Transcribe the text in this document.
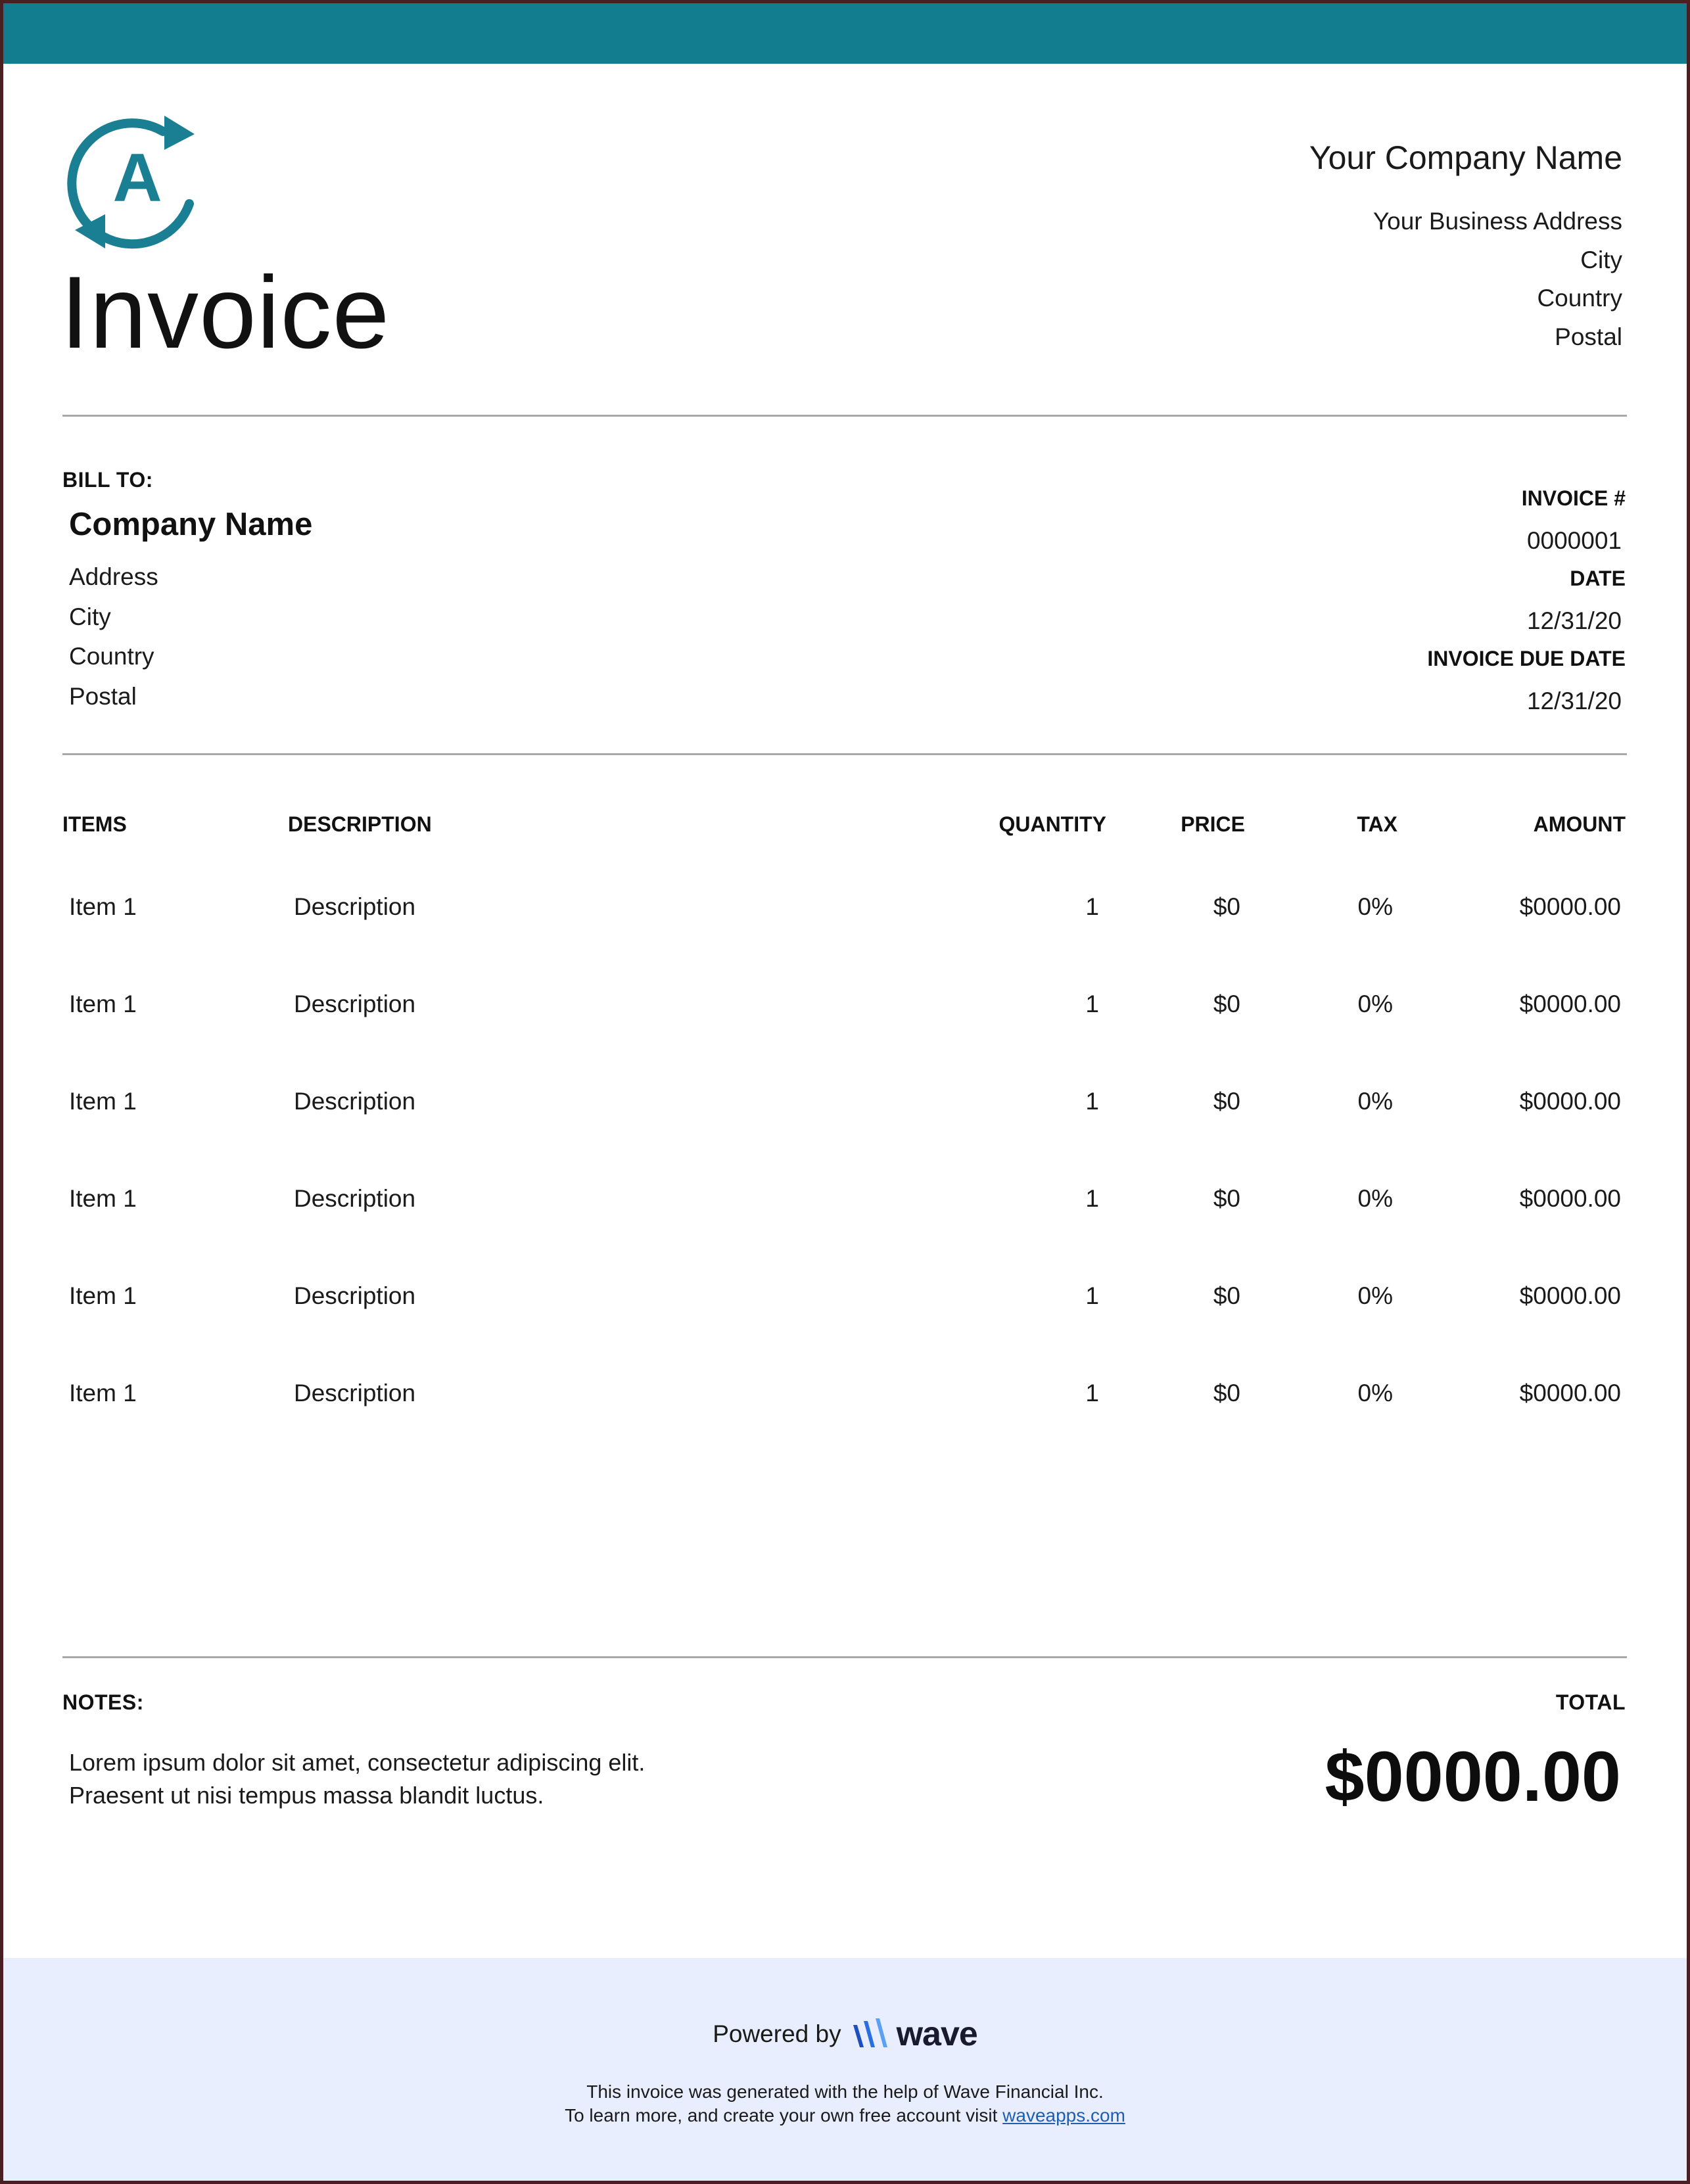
A
Invoice
Your Company Name
Your Business Address
City
Country
Postal
BILL TO:
Company Name
Address
City
Country
Postal
INVOICE #
0000001
DATE
12/31/20
INVOICE DUE DATE
12/31/20
ITEMS	DESCRIPTION	QUANTITY	PRICE	TAX	AMOUNT
Item 1	Description	1	$0	0%	$0000.00
Item 1	Description	1	$0	0%	$0000.00
Item 1	Description	1	$0	0%	$0000.00
Item 1	Description	1	$0	0%	$0000.00
Item 1	Description	1	$0	0%	$0000.00
Item 1	Description	1	$0	0%	$0000.00
NOTES:
Lorem ipsum dolor sit amet, consectetur adipiscing elit.
Praesent ut nisi tempus massa blandit luctus.
TOTAL
$0000.00
Powered by wave
This invoice was generated with the help of Wave Financial Inc.
To learn more, and create your own free account visit waveapps.com
